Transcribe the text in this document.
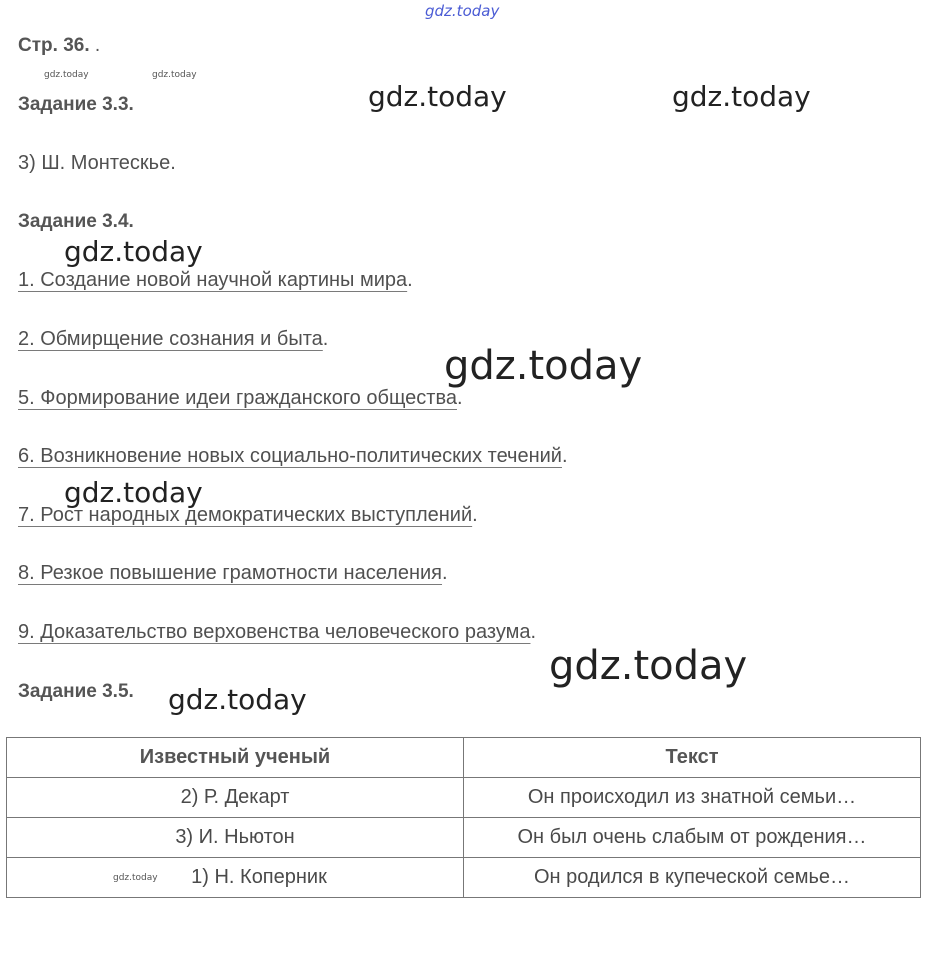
gdz.today
gdz.today	gdz.today
gdz.today	gdz.today
gdz.today
gdz.today
gdz.today
gdz.today
gdz.today
Стр. 36. .
Задание 3.3.
3) Ш. Монтескье.
Задание 3.4.
1. Создание новой научной картины мира.
2. Обмирщение сознания и быта.
5. Формирование идеи гражданского общества.
6. Возникновение новых социально-политических течений.
7. Рост народных демократических выступлений.
8. Резкое повышение грамотности населения.
9. Доказательство верховенства человеческого разума.
Задание 3.5.
Известный ученый	Текст
2) Р. Декарт	Он происходил из знатной семьи…
3) И. Ньютон	Он был очень слабым от рождения…

gdz.today 1) Н. Коперник	Он родился в купеческой семье…
